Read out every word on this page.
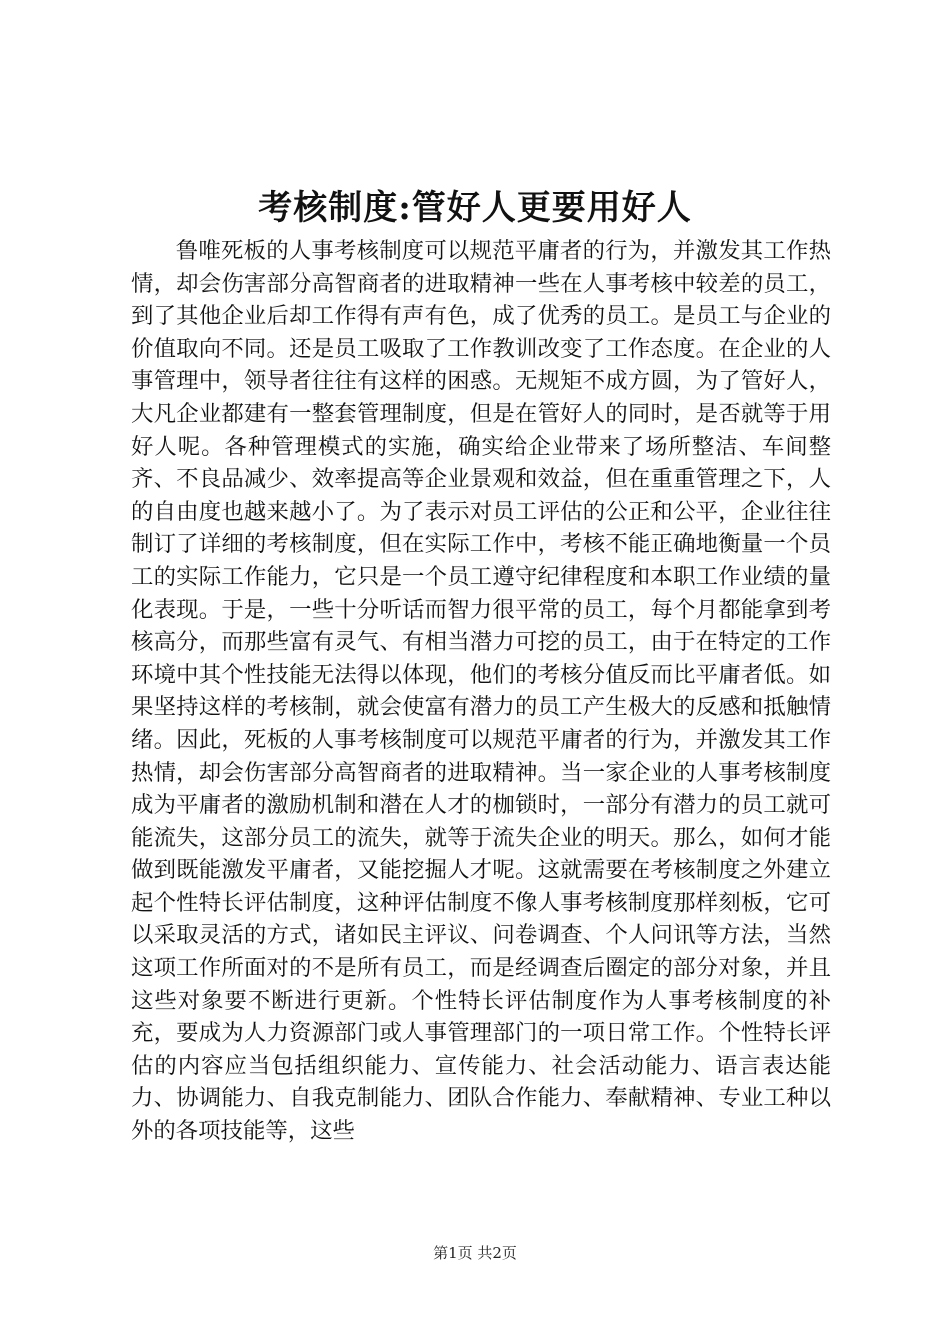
考核制度:管好人更要用好人

鲁唯死板的人事考核制度可以规范平庸者的行为，并激发其工作热情，却会伤害部分高智商者的进取精神一些在人事考核中较差的员工，到了其他企业后却工作得有声有色，成了优秀的员工。是员工与企业的价值取向不同。还是员工吸取了工作教训改变了工作态度。在企业的人事管理中，领导者往往有这样的困惑。无规矩不成方圆，为了管好人，大凡企业都建有一整套管理制度，但是在管好人的同时，是否就等于用好人呢。各种管理模式的实施，确实给企业带来了场所整洁、车间整齐、不良品减少、效率提高等企业景观和效益，但在重重管理之下，人的自由度也越来越小了。为了表示对员工评估的公正和公平，企业往往制订了详细的考核制度，但在实际工作中，考核不能正确地衡量一个员工的实际工作能力，它只是一个员工遵守纪律程度和本职工作业绩的量化表现。于是，一些十分听话而智力很平常的员工，每个月都能拿到考核高分，而那些富有灵气、有相当潜力可挖的员工，由于在特定的工作环境中其个性技能无法得以体现，他们的考核分值反而比平庸者低。如果坚持这样的考核制，就会使富有潜力的员工产生极大的反感和抵触情绪。因此，死板的人事考核制度可以规范平庸者的行为，并激发其工作热情，却会伤害部分高智商者的进取精神。当一家企业的人事考核制度成为平庸者的激励机制和潜在人才的枷锁时，一部分有潜力的员工就可能流失，这部分员工的流失，就等于流失企业的明天。那么，如何才能做到既能激发平庸者，又能挖掘人才呢。这就需要在考核制度之外建立起个性特长评估制度，这种评估制度不像人事考核制度那样刻板，它可以采取灵活的方式，诸如民主评议、问卷调查、个人问讯等方法，当然这项工作所面对的不是所有员工，而是经调查后圈定的部分对象，并且这些对象要不断进行更新。个性特长评估制度作为人事考核制度的补充，要成为人力资源部门或人事管理部门的一项日常工作。个性特长评估的内容应当包括组织能力、宣传能力、社会活动能力、语言表达能力、协调能力、自我克制能力、团队合作能力、奉献精神、专业工种以外的各项技能等，这些

第1页 共2页
